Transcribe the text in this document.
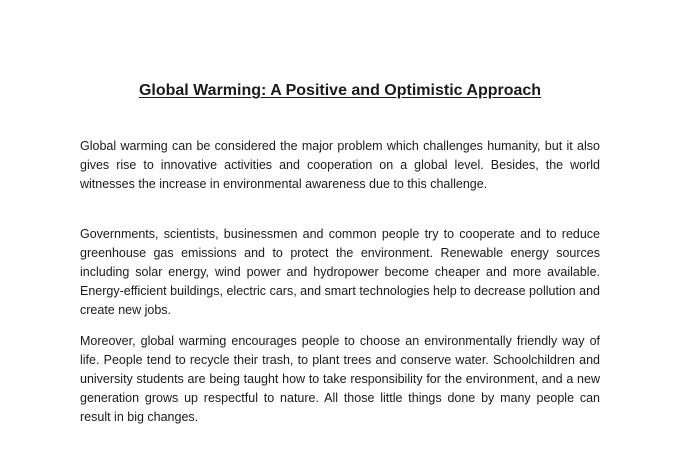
Global Warming: A Positive and Optimistic Approach

Global warming can be considered the major problem which challenges humanity, but it also gives rise to innovative activities and cooperation on a global level. Besides, the world witnesses the increase in environmental awareness due to this challenge.

Governments, scientists, businessmen and common people try to cooperate and to reduce greenhouse gas emissions and to protect the environment. Renewable energy sources including solar energy, wind power and hydropower become cheaper and more available. Energy-efficient buildings, electric cars, and smart technologies help to decrease pollution and create new jobs.

Moreover, global warming encourages people to choose an environmentally friendly way of life. People tend to recycle their trash, to plant trees and conserve water. Schoolchildren and university students are being taught how to take responsibility for the environment, and a new generation grows up respectful to nature. All those little things done by many people can result in big changes.
